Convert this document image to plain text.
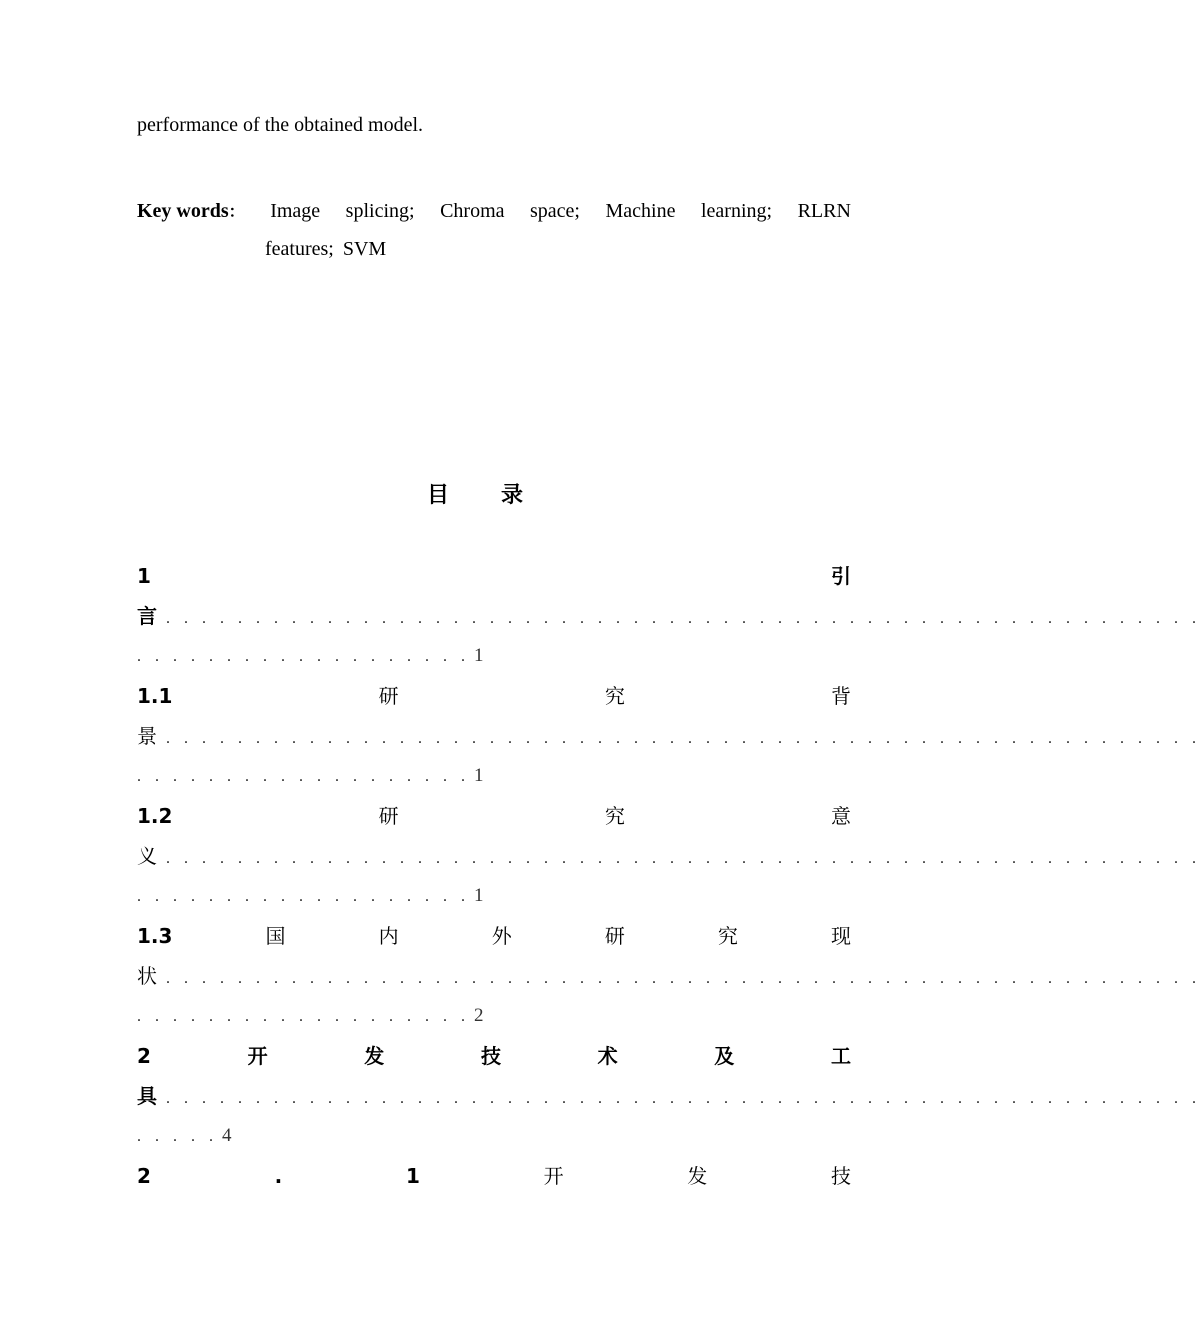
performance of the obtained model.
Key words： Image splicing; Chroma space; Machine learning; RLRN
features; SVM
目 录
1	引
言 . . . . . . . . . . . . . . . . . . . . . . . . . . . . . . . . . . . . . . . . . . . . . . . . . . . . . . . . . .
. . . . . . . . . . . . . . . . . . . 1
1.1	研	究	背
景 . . . . . . . . . . . . . . . . . . . . . . . . . . . . . . . . . . . . . . . . . . . . . . . . . . . . . . . . . .
. . . . . . . . . . . . . . . . . . . 1
1.2	研	究	意
义 . . . . . . . . . . . . . . . . . . . . . . . . . . . . . . . . . . . . . . . . . . . . . . . . . . . . . . . . . .
. . . . . . . . . . . . . . . . . . . 1
1.3	国	内	外	研	究	现
状 . . . . . . . . . . . . . . . . . . . . . . . . . . . . . . . . . . . . . . . . . . . . . . . . . . . . . . . . . .
. . . . . . . . . . . . . . . . . . . 2
2	开	发	技	术	及	工
具 . . . . . . . . . . . . . . . . . . . . . . . . . . . . . . . . . . . . . . . . . . . . . . . . . . . . . . . . . .
. . . . . 4
2	.	1	开	发	技
